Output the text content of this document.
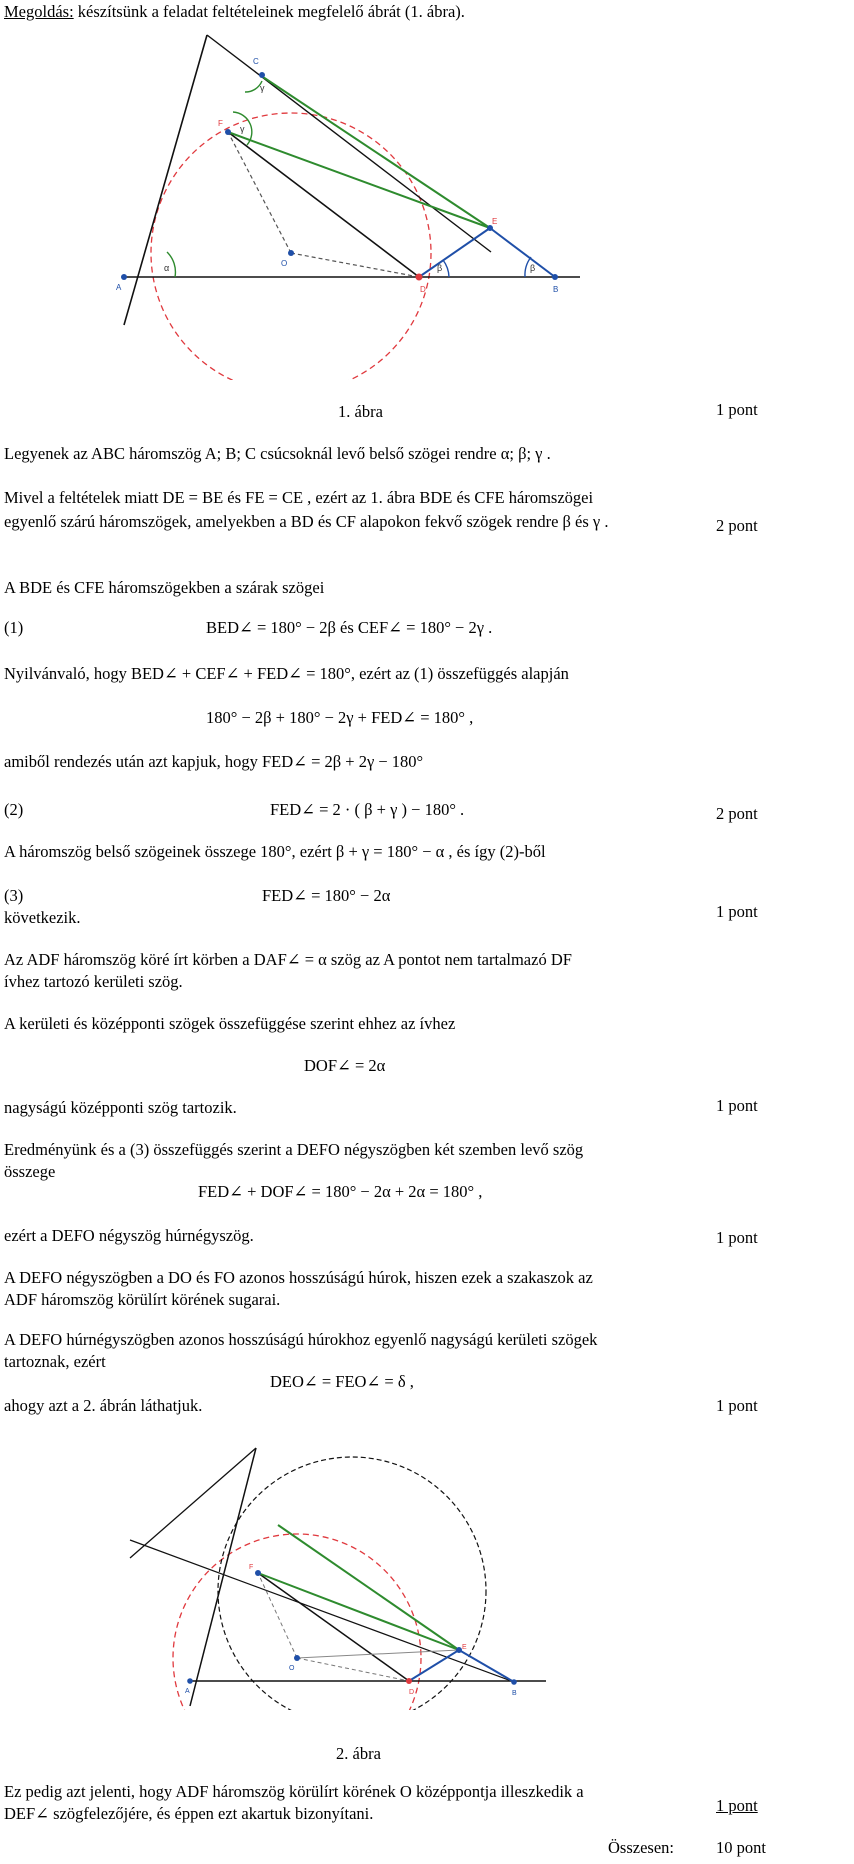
Megoldás: készítsünk a feladat feltételeinek megfelelő ábrát (1. ábra).
A	B
C
D
E
F
O
α	β	β
γ
γ
1. ábra	1 pont
Legyenek az ABC háromszög A; B; C csúcsoknál levő belső szögei rendre α; β; γ .
Mivel a feltételek miatt DE = BE és FE = CE , ezért az 1. ábra BDE és CFE háromszögei
egyenlő szárú háromszögek, amelyekben a BD és CF alapokon fekvő szögek rendre β és γ .	2 pont
A BDE és CFE háromszögekben a szárak szögei
(1)	BED∠ = 180° − 2β és CEF∠ = 180° − 2γ .
Nyilvánvaló, hogy BED∠ + CEF∠ + FED∠ = 180°, ezért az (1) összefüggés alapján
180° − 2β + 180° − 2γ + FED∠ = 180° ,
amiből rendezés után azt kapjuk, hogy FED∠ = 2β + 2γ − 180°
(2)	FED∠ = 2 · ( β + γ ) − 180° .	2 pont
A háromszög belső szögeinek összege 180°, ezért β + γ = 180° − α , és így (2)-ből
(3)	FED∠ = 180° − 2α
következik.	1 pont
Az ADF háromszög köré írt körben a DAF∠ = α szög az A pontot nem tartalmazó DF
ívhez tartozó kerületi szög.
A kerületi és középponti szögek összefüggése szerint ehhez az ívhez
DOF∠ = 2α
nagyságú középponti szög tartozik.	1 pont
Eredményünk és a (3) összefüggés szerint a DEFO négyszögben két szemben levő szög
összege
FED∠ + DOF∠ = 180° − 2α + 2α = 180° ,
ezért a DEFO négyszög húrnégyszög.	1 pont
A DEFO négyszögben a DO és FO azonos hosszúságú húrok, hiszen ezek a szakaszok az
ADF háromszög körülírt körének sugarai.
A DEFO húrnégyszögben azonos hosszúságú húrokhoz egyenlő nagyságú kerületi szögek
tartoznak, ezért
DEO∠ = FEO∠ = δ ,
ahogy azt a 2. ábrán láthatjuk.	1 pont
A	B
D
E
F
O
2. ábra
Ez pedig azt jelenti, hogy ADF háromszög körülírt körének O középpontja illeszkedik a
DEF∠ szögfelezőjére, és éppen ezt akartuk bizonyítani.	1 pont
Összesen:	10 pont
